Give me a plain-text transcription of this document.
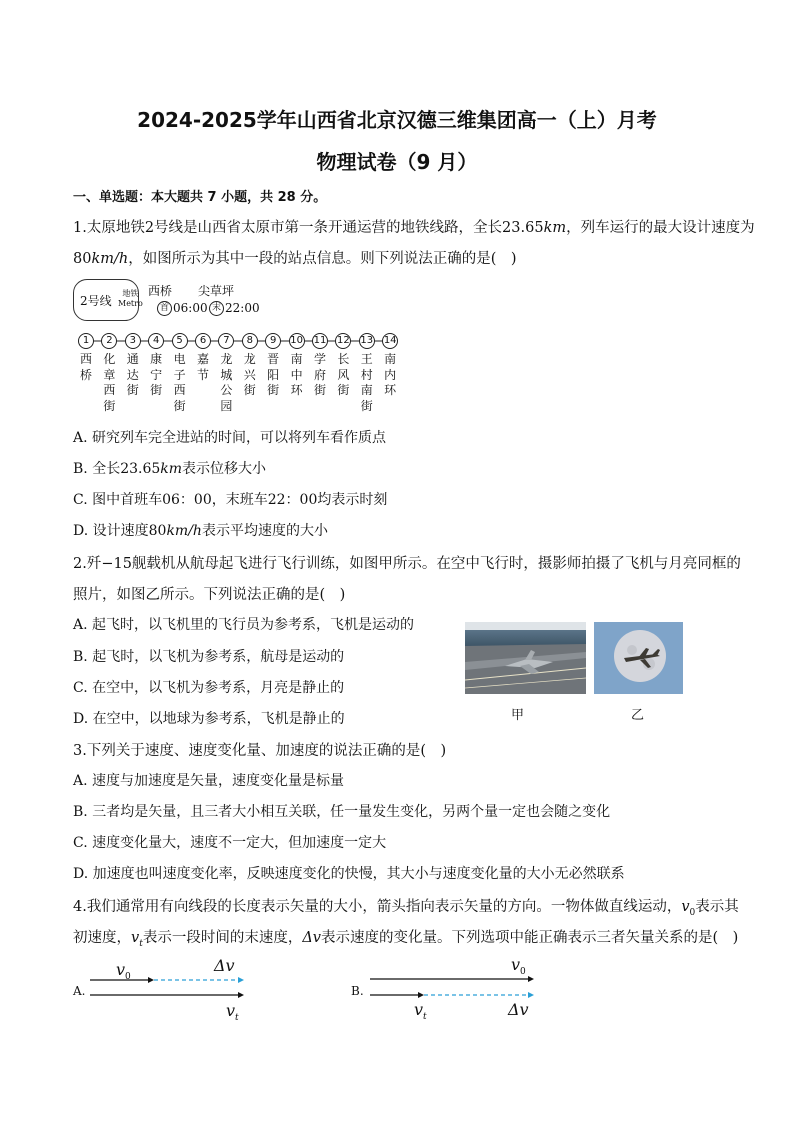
2024-2025学年山西省北京汉德三维集团高一（上）月考
物理试卷（9 月）
一、单选题：本大题共 7 小题，共 28 分。
1.太原地铁2号线是山西省太原市第一条开通运营的地铁线路，全长23.65km，列车运行的最大设计速度为
80km/h，如图所示为其中一段的站点信息。则下列说法正确的是(　)
2号线
地铁
Metro
西桥 尖草坪
首 06:00 末 22:00
1
西桥
2
化章西街
3
通达街
4
康宁街
5
电子西街
6
嘉节
7
龙城公园
8
龙兴街
9
晋阳街
10
南中环
11
学府街
12
长风街
13
王村南街
14
南内环
A. 研究列车完全进站的时间，可以将列车看作质点
B. 全长23.65km表示位移大小
C. 图中首班车06：00，末班车22：00均表示时刻
D. 设计速度80km/h表示平均速度的大小
2.歼−15舰载机从航母起飞进行飞行训练，如图甲所示。在空中飞行时，摄影师拍摄了飞机与月亮同框的
照片，如图乙所示。下列说法正确的是(　)
A. 起飞时，以飞机里的飞行员为参考系，飞机是运动的
B. 起飞时，以飞机为参考系，航母是运动的
C. 在空中，以飞机为参考系，月亮是静止的
D. 在空中，以地球为参考系，飞机是静止的	甲	乙
3.下列关于速度、速度变化量、加速度的说法正确的是(　)
A. 速度与加速度是矢量，速度变化量是标量
B. 三者均是矢量，且三者大小相互关联，任一量发生变化，另两个量一定也会随之变化
C. 速度变化量大，速度不一定大，但加速度一定大
D. 加速度也叫速度变化率，反映速度变化的快慢，其大小与速度变化量的大小无必然联系
4.我们通常用有向线段的长度表示矢量的大小，箭头指向表示矢量的方向。一物体做直线运动，$v_0$表示其
初速度，$v_t$表示一段时间的末速度，Δv表示速度的变化量。下列选项中能正确表示三者矢量关系的是(　)
A.
$v_0$
Δv
$v_t$
B.
$v_0$
$v_t$	Δv
